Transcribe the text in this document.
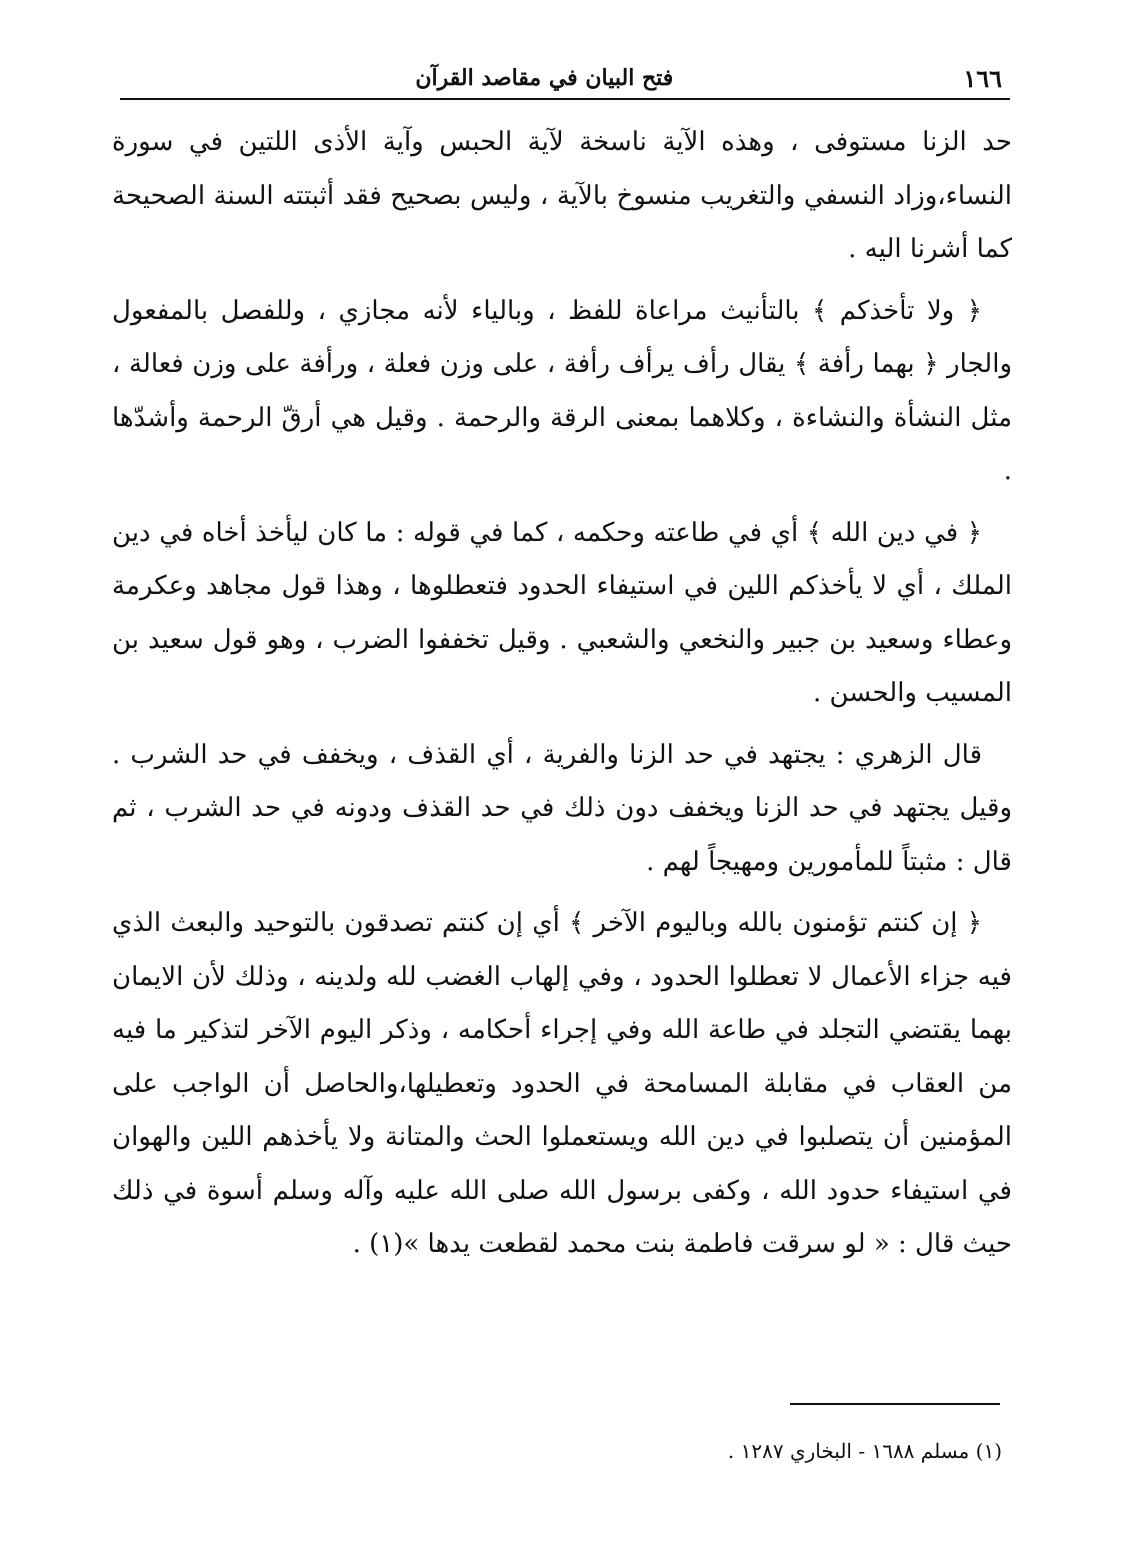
١٦٦
فتح البيان في مقاصد القرآن

حد الزنا مستوفى ، وهذه الآية ناسخة لآية الحبس وآية الأذى اللتين في سورة النساء،وزاد النسفي والتغريب منسوخ بالآية ، وليس بصحيح فقد أثبتته السنة الصحيحة كما أشرنا اليه .

﴿ ولا تأخذكم ﴾ بالتأنيث مراعاة للفظ ، وبالياء لأنه مجازي ، وللفصل بالمفعول والجار ﴿ بهما رأفة ﴾ يقال رأف يرأف رأفة ، على وزن فعلة ، ورأفة على وزن فعالة ، مثل النشأة والنشاءة ، وكلاهما بمعنى الرقة والرحمة . وقيل هي أرقّ الرحمة وأشدّها .

﴿ في دين الله ﴾ أي في طاعته وحكمه ، كما في قوله : ما كان ليأخذ أخاه في دين الملك ، أي لا يأخذكم اللين في استيفاء الحدود فتعطلوها ، وهذا قول مجاهد وعكرمة وعطاء وسعيد بن جبير والنخعي والشعبي . وقيل تخففوا الضرب ، وهو قول سعيد بن المسيب والحسن .

قال الزهري : يجتهد في حد الزنا والفرية ، أي القذف ، ويخفف في حد الشرب . وقيل يجتهد في حد الزنا ويخفف دون ذلك في حد القذف ودونه في حد الشرب ، ثم قال : مثبتاً للمأمورين ومهيجاً لهم .

﴿ إن كنتم تؤمنون بالله وباليوم الآخر ﴾ أي إن كنتم تصدقون بالتوحيد والبعث الذي فيه جزاء الأعمال لا تعطلوا الحدود ، وفي إلهاب الغضب لله ولدينه ، وذلك لأن الايمان بهما يقتضي التجلد في طاعة الله وفي إجراء أحكامه ، وذكر اليوم الآخر لتذكير ما فيه من العقاب في مقابلة المسامحة في الحدود وتعطيلها،والحاصل أن الواجب على المؤمنين أن يتصلبوا في دين الله ويستعملوا الحث والمتانة ولا يأخذهم اللين والهوان في استيفاء حدود الله ، وكفى برسول الله صلى الله عليه وآله وسلم أسوة في ذلك حيث قال : « لو سرقت فاطمة بنت محمد لقطعت يدها »(١) .

(١) مسلم ١٦٨٨ - البخاري ١٢٨٧ .
